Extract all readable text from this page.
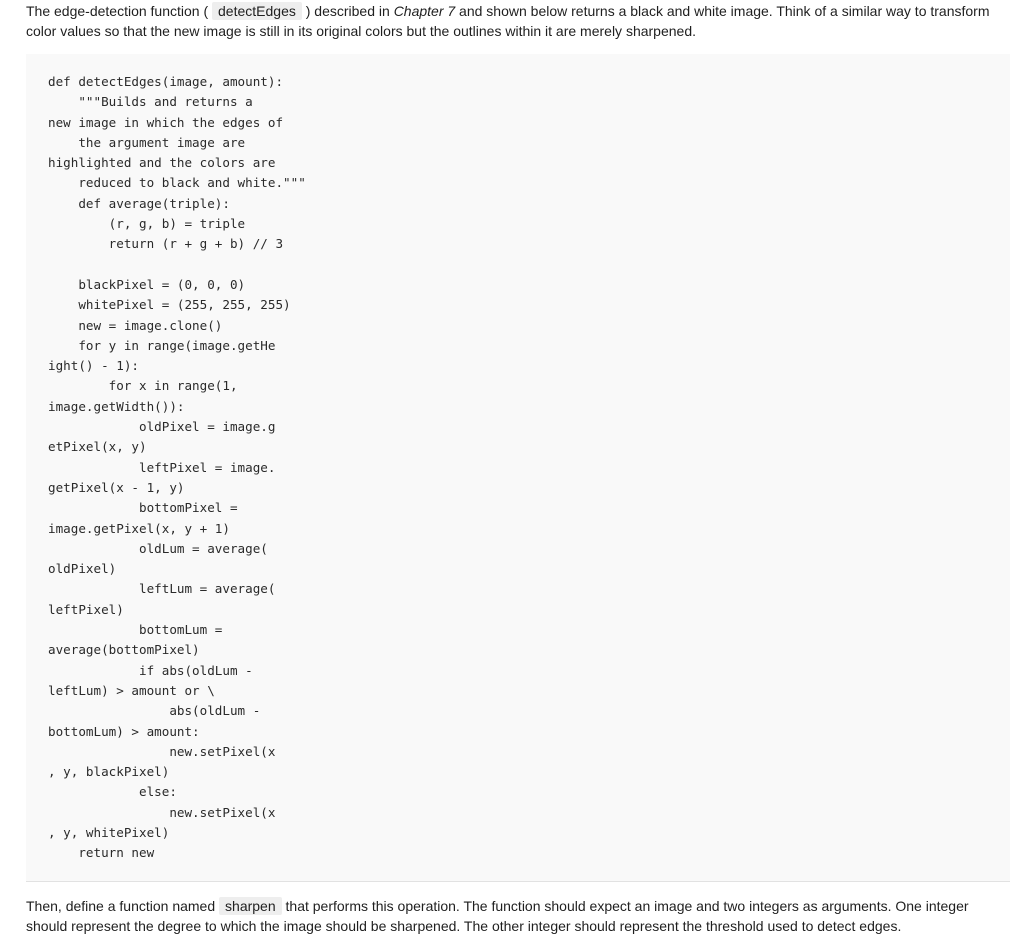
The edge-detection function ( detectEdges ) described in Chapter 7 and shown below returns a black and white image. Think of a similar way to transform color values so that the new image is still in its original colors but the outlines within it are merely sharpened.

def detectEdges(image, amount):
"""Builds and returns a
new image in which the edges of
the argument image are
highlighted and the colors are
reduced to black and white."""
def average(triple):
(r, g, b) = triple
return (r + g + b) // 3
blackPixel = (0, 0, 0)
whitePixel = (255, 255, 255)
new = image.clone()
for y in range(image.getHe
ight() - 1):
for x in range(1,
image.getWidth()):
oldPixel = image.g
etPixel(x, y)
leftPixel = image.
getPixel(x - 1, y)
bottomPixel =
image.getPixel(x, y + 1)
oldLum = average(
oldPixel)
leftLum = average(
leftPixel)
bottomLum =
average(bottomPixel)
if abs(oldLum -
leftLum) > amount or \
abs(oldLum -
bottomLum) > amount:
new.setPixel(x
, y, blackPixel)
else:
new.setPixel(x
, y, whitePixel)
return new

Then, define a function named sharpen that performs this operation. The function should expect an image and two integers as arguments. One integer should represent the degree to which the image should be sharpened. The other integer should represent the threshold used to detect edges.
